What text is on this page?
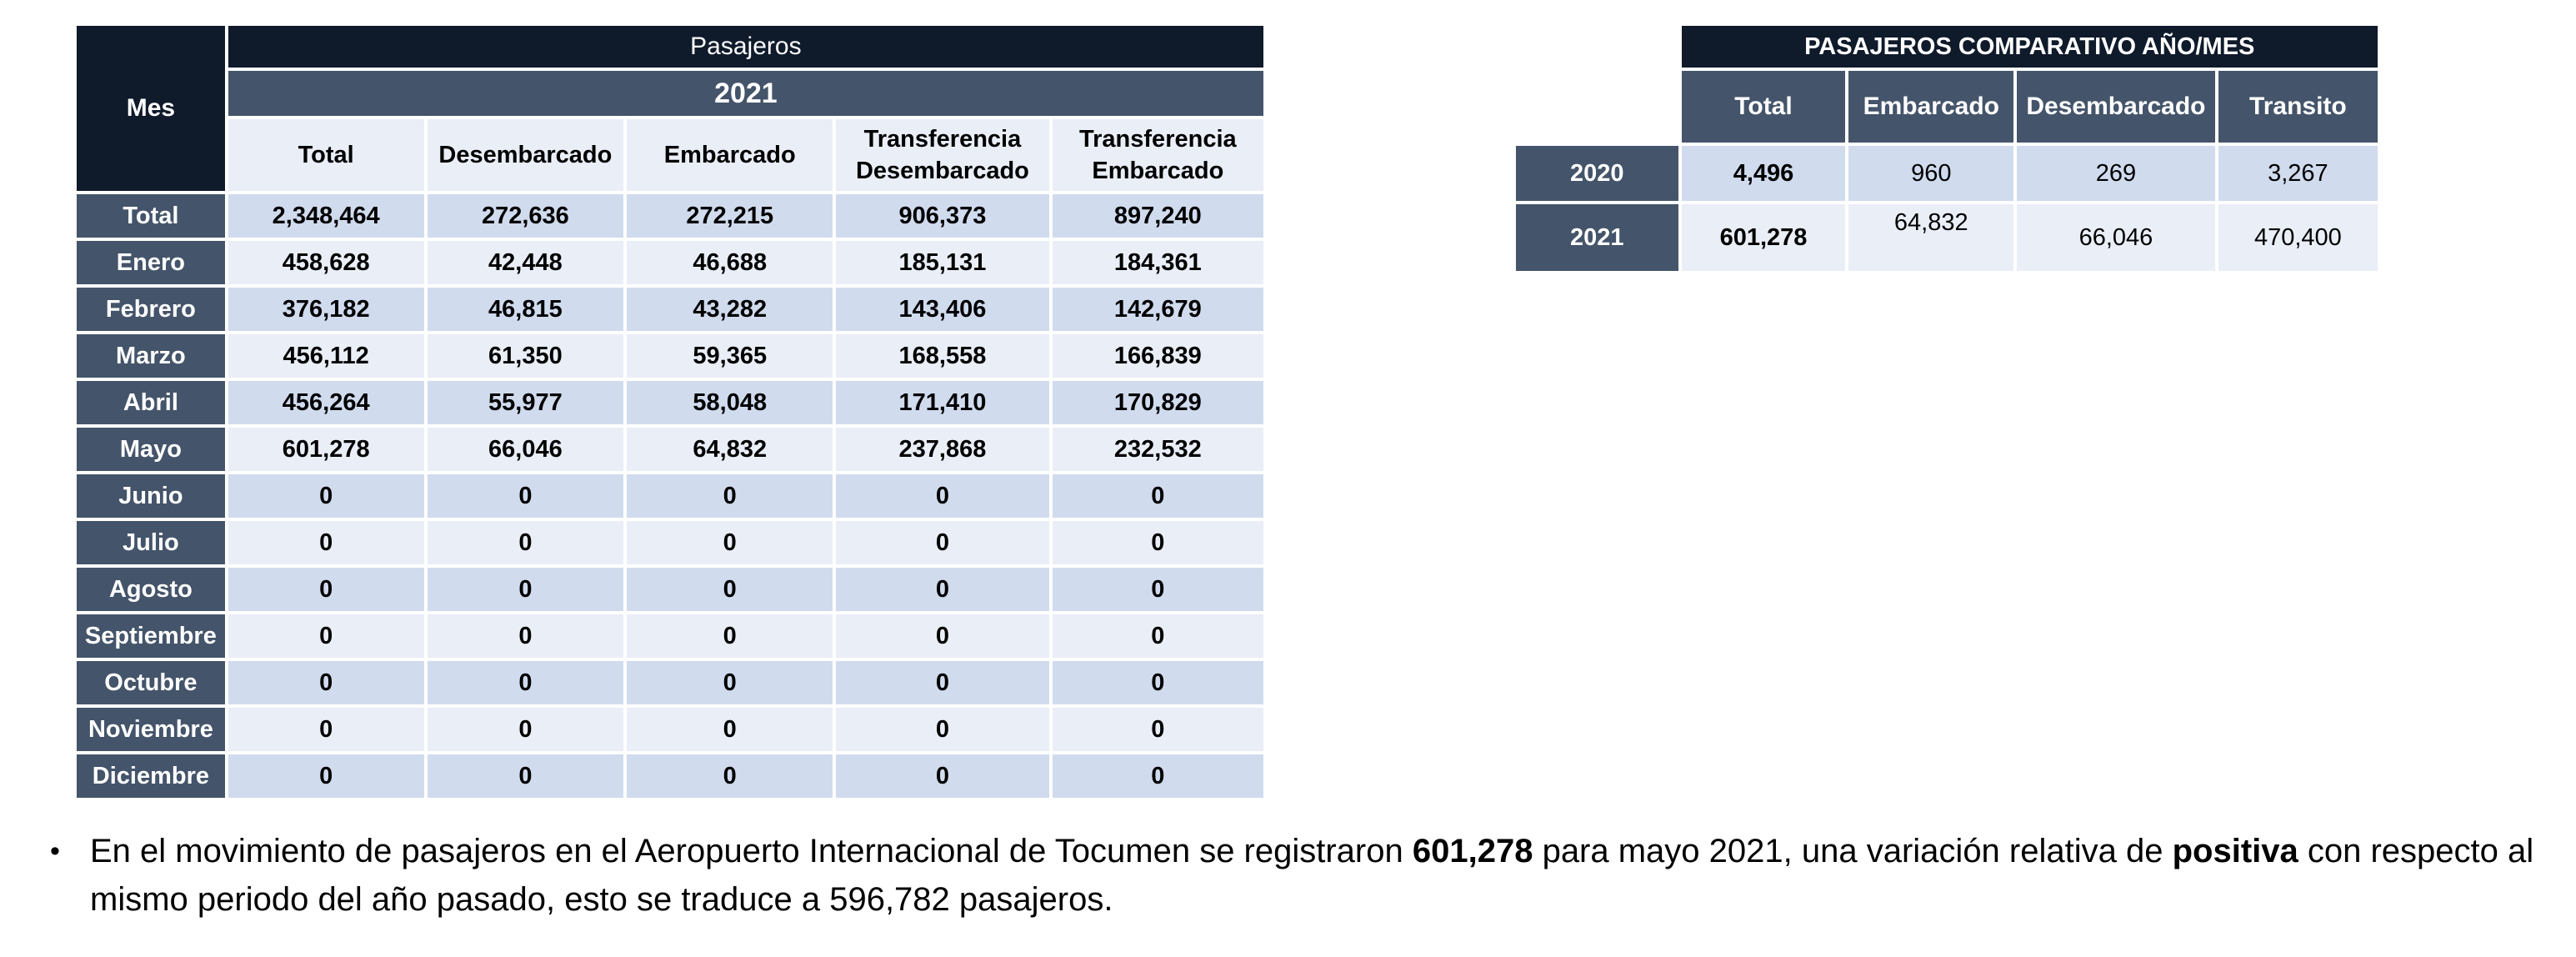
Mes	Pasajeros				
	2021				
	Total	Desembarcado	Embarcado	Transferencia Desembarcado	Transferencia Embarcado
Total	2,348,464	272,636	272,215	906,373	897,240
Enero	458,628	42,448	46,688	185,131	184,361
Febrero	376,182	46,815	43,282	143,406	142,679
Marzo	456,112	61,350	59,365	168,558	166,839
Abril	456,264	55,977	58,048	171,410	170,829
Mayo	601,278	66,046	64,832	237,868	232,532
Junio	0	0	0	0	0
Julio	0	0	0	0	0
Agosto	0	0	0	0	0
Septiembre	0	0	0	0	0
Octubre	0	0	0	0	0
Noviembre	0	0	0	0	0
Diciembre	0	0	0	0	0
	PASAJEROS COMPARATIVO AÑO/MES			
	Total	Embarcado	Desembarcado	Transito
2020	4,496	960	269	3,267
2021	601,278	64,832	66,046	470,400
• En el movimiento de pasajeros en el Aeropuerto Internacional de Tocumen se registraron 601,278 para mayo 2021, una variación relativa de positiva con respecto al mismo periodo del año pasado, esto se traduce a 596,782 pasajeros.
